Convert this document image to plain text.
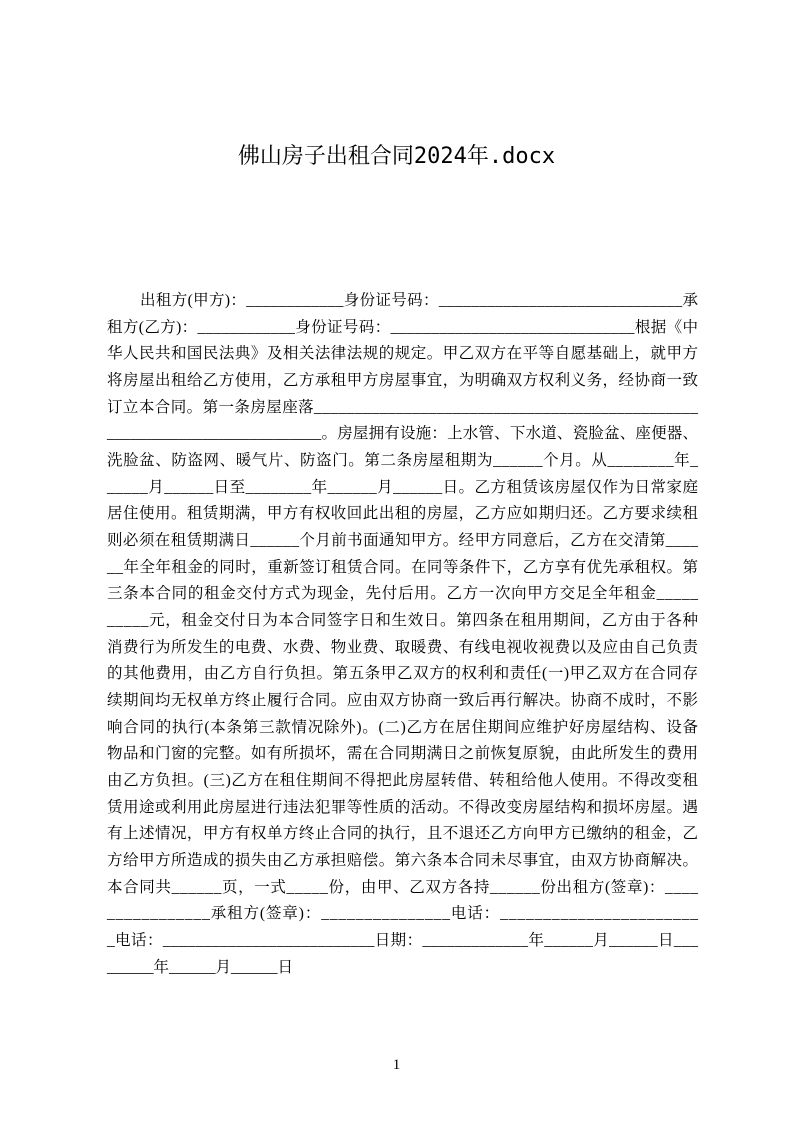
佛山房子出租合同2024年.docx
出租方(甲方)：____________身份证号码：______________________________承
租方(乙方)：____________身份证号码：______________________________根据《中
华人民共和国民法典》及相关法律法规的规定。甲乙双方在平等自愿基础上，就甲方
将房屋出租给乙方使用，乙方承租甲方房屋事宜，为明确双方权利义务，经协商一致
订立本合同。第一条房屋座落_______________________________________________
___________________________。房屋拥有设施：上水管、下水道、瓷脸盆、座便器、
洗脸盆、防盗网、暖气片、防盗门。第二条房屋租期为______个月。从________年_
_____月______日至________年______月______日。乙方租赁该房屋仅作为日常家庭
居住使用。租赁期满，甲方有权收回此出租的房屋，乙方应如期归还。乙方要求续租
则必须在租赁期满日______个月前书面通知甲方。经甲方同意后，乙方在交清第____
__年全年租金的同时，重新签订租赁合同。在同等条件下，乙方享有优先承租权。第
三条本合同的租金交付方式为现金，先付后用。乙方一次向甲方交足全年租金_____
_____元，租金交付日为本合同签字日和生效日。第四条在租用期间，乙方由于各种
消费行为所发生的电费、水费、物业费、取暖费、有线电视收视费以及应由自己负责
的其他费用，由乙方自行负担。第五条甲乙双方的权利和责任(一)甲乙双方在合同存
续期间均无权单方终止履行合同。应由双方协商一致后再行解决。协商不成时，不影
响合同的执行(本条第三款情况除外)。(二)乙方在居住期间应维护好房屋结构、设备
物品和门窗的完整。如有所损坏，需在合同期满日之前恢复原貌，由此所发生的费用
由乙方负担。(三)乙方在租住期间不得把此房屋转借、转租给他人使用。不得改变租
赁用途或利用此房屋进行违法犯罪等性质的活动。不得改变房屋结构和损坏房屋。遇
有上述情况，甲方有权单方终止合同的执行，且不退还乙方向甲方已缴纳的租金，乙
方给甲方所造成的损失由乙方承担赔偿。第六条本合同未尽事宜，由双方协商解决。
本合同共______页，一式_____份，由甲、乙双方各持______份出租方(签章)：____
____________承租方(签章)：_______________电话：_______________________
_电话：__________________________日期：_____________年______月______日___
______年______月______日
1
